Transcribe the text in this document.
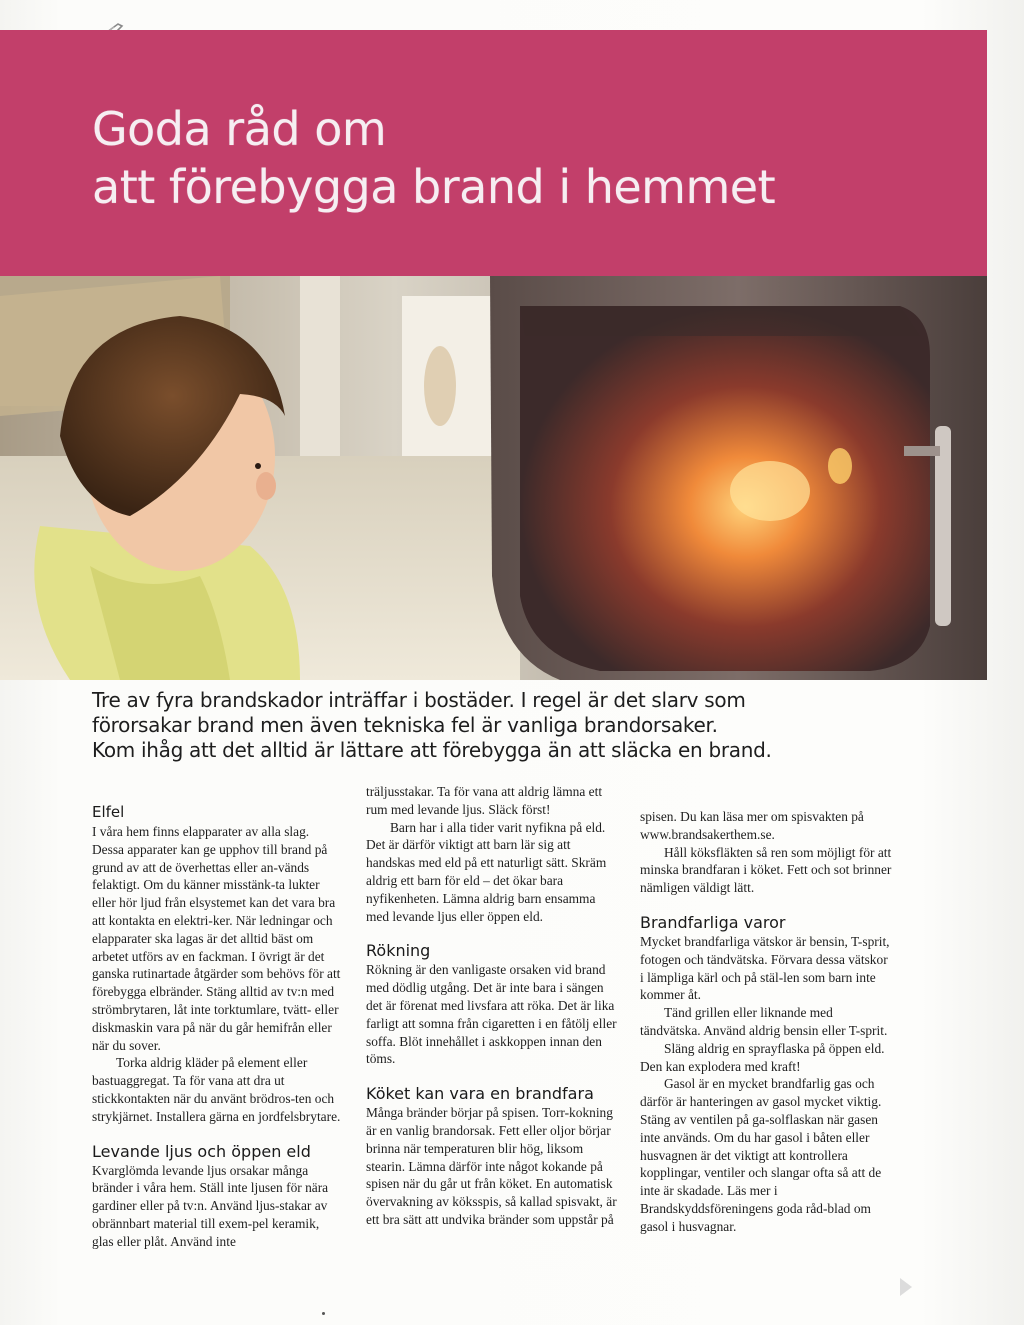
Goda råd om
att förebygga brand i hemmet
Tre av fyra brandskador inträffar i bostäder. I regel är det slarv som
förorsakar brand men även tekniska fel är vanliga brandorsaker.
Kom ihåg att det alltid är lättare att förebygga än att släcka en brand.
Elfel

I våra hem finns elapparater av alla slag. Dessa apparater kan ge upphov till brand på grund av att de överhettas eller an-vänds felaktigt. Om du känner misstänk-ta lukter eller hör ljud från elsystemet kan det vara bra att kontakta en elektri-ker. När ledningar och elapparater ska lagas är det alltid bäst om arbetet utförs av en fackman. I övrigt är det ganska rutinartade åtgärder som behövs för att förebygga elbränder. Stäng alltid av tv:n med strömbrytaren, låt inte torktumlare, tvätt- eller diskmaskin vara på när du går hemifrån eller när du sover.

Torka aldrig kläder på element eller bastuaggregat. Ta för vana att dra ut stickkontakten när du använt brödros-ten och strykjärnet. Installera gärna en jordfelsbrytare.

Levande ljus och öppen eld

Kvarglömda levande ljus orsakar många bränder i våra hem. Ställ inte ljusen för nära gardiner eller på tv:n. Använd ljus-stakar av obrännbart material till exem-pel keramik, glas eller plåt. Använd inte

träljusstakar. Ta för vana att aldrig lämna ett rum med levande ljus. Släck först!

Barn har i alla tider varit nyfikna på eld. Det är därför viktigt att barn lär sig att handskas med eld på ett naturligt sätt. Skräm aldrig ett barn för eld – det ökar bara nyfikenheten. Lämna aldrig barn ensamma med levande ljus eller öppen eld.

Rökning

Rökning är den vanligaste orsaken vid brand med dödlig utgång. Det är inte bara i sängen det är förenat med livsfara att röka. Det är lika farligt att somna från cigaretten i en fåtölj eller soffa. Blöt innehållet i askkoppen innan den töms.

Köket kan vara en brandfara

Många bränder börjar på spisen. Torr-kokning är en vanlig brandorsak. Fett eller oljor börjar brinna när temperaturen blir hög, liksom stearin. Lämna därför inte något kokande på spisen när du går ut från köket. En automatisk övervakning av köksspis, så kallad spisvakt, är ett bra sätt att undvika bränder som uppstår på

spisen. Du kan läsa mer om spisvakten på www.brandsakerthem.se.

Håll köksfläkten så ren som möjligt för att minska brandfaran i köket. Fett och sot brinner nämligen väldigt lätt.

Brandfarliga varor

Mycket brandfarliga vätskor är bensin, T-sprit, fotogen och tändvätska. Förvara dessa vätskor i lämpliga kärl och på stäl-len som barn inte kommer åt.

Tänd grillen eller liknande med tändvätska. Använd aldrig bensin eller T-sprit.

Släng aldrig en sprayflaska på öppen eld. Den kan explodera med kraft!

Gasol är en mycket brandfarlig gas och därför är hanteringen av gasol mycket viktig. Stäng av ventilen på ga-solflaskan när gasen inte används. Om du har gasol i båten eller husvagnen är det viktigt att kontrollera kopplingar, ventiler och slangar ofta så att de inte är skadade. Läs mer i Brandskyddsföreningens goda råd-blad om gasol i husvagnar.
